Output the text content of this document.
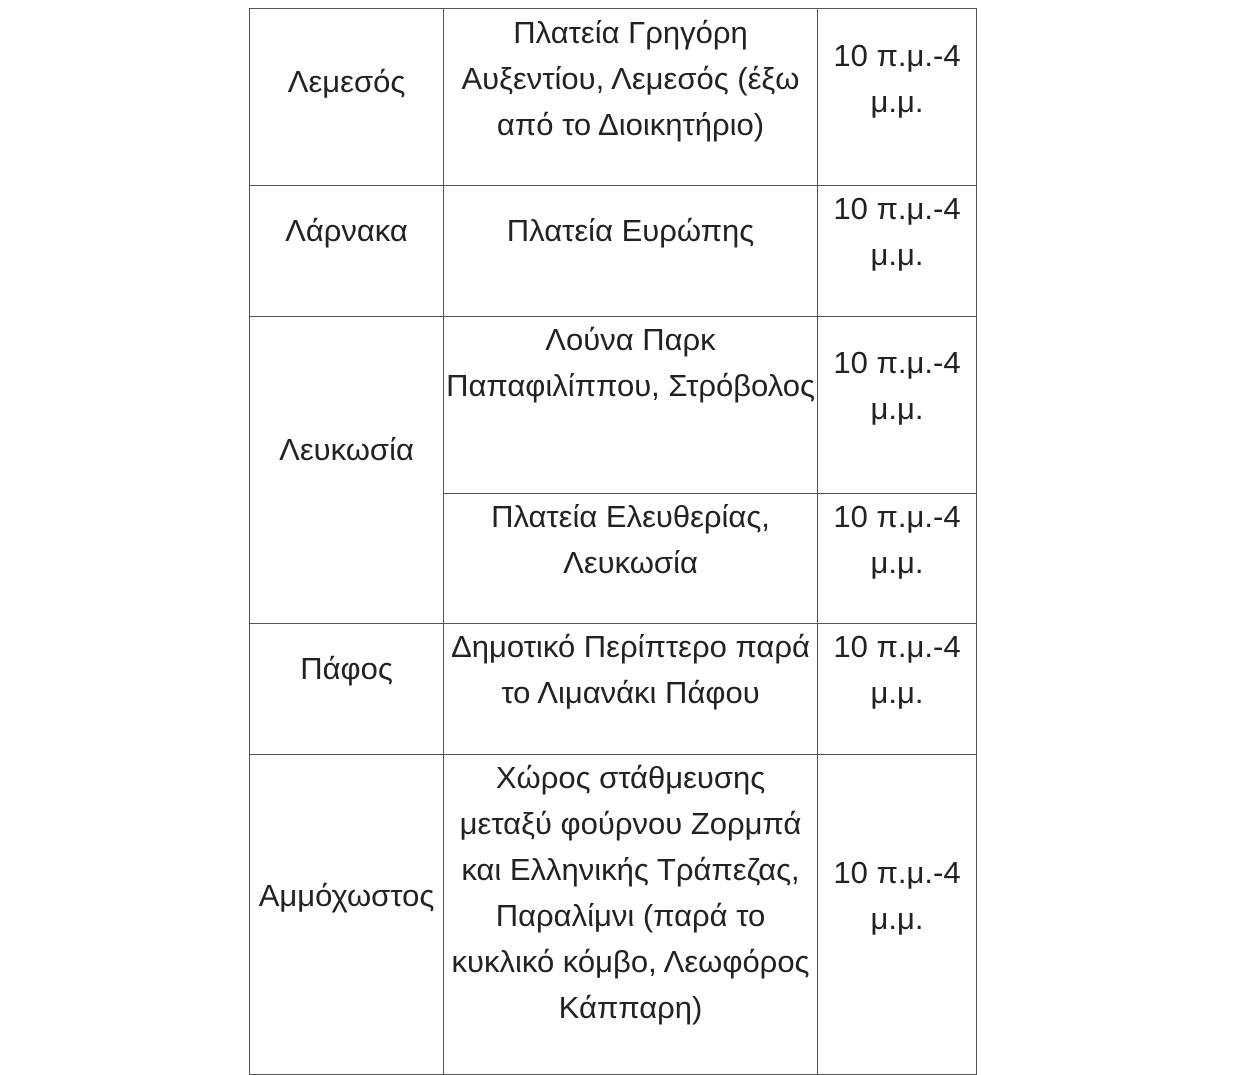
Λεμεσός	Πλατεία Γρηγόρη Αυξεντίου, Λεμεσός (έξω από το Διοικητήριο)	10 π.μ.-4 μ.μ.

Λάρνακα	Πλατεία Ευρώπης	10 π.μ.-4 μ.μ.

Λευκωσία	Λούνα Παρκ Παπαφιλίππου, Στρόβολος	10 π.μ.-4 μ.μ.

	Πλατεία Ελευθερίας, Λευκωσία	10 π.μ.-4 μ.μ.

Πάφος	Δημοτικό Περίπτερο παρά το Λιμανάκι Πάφου	10 π.μ.-4 μ.μ.

Αμμόχωστος	Χώρος στάθμευσης μεταξύ φούρνου Ζορμπά και Ελληνικής Τράπεζας, Παραλίμνι (παρά το κυκλικό κόμβο, Λεωφόρος Κάππαρη)	10 π.μ.-4 μ.μ.
